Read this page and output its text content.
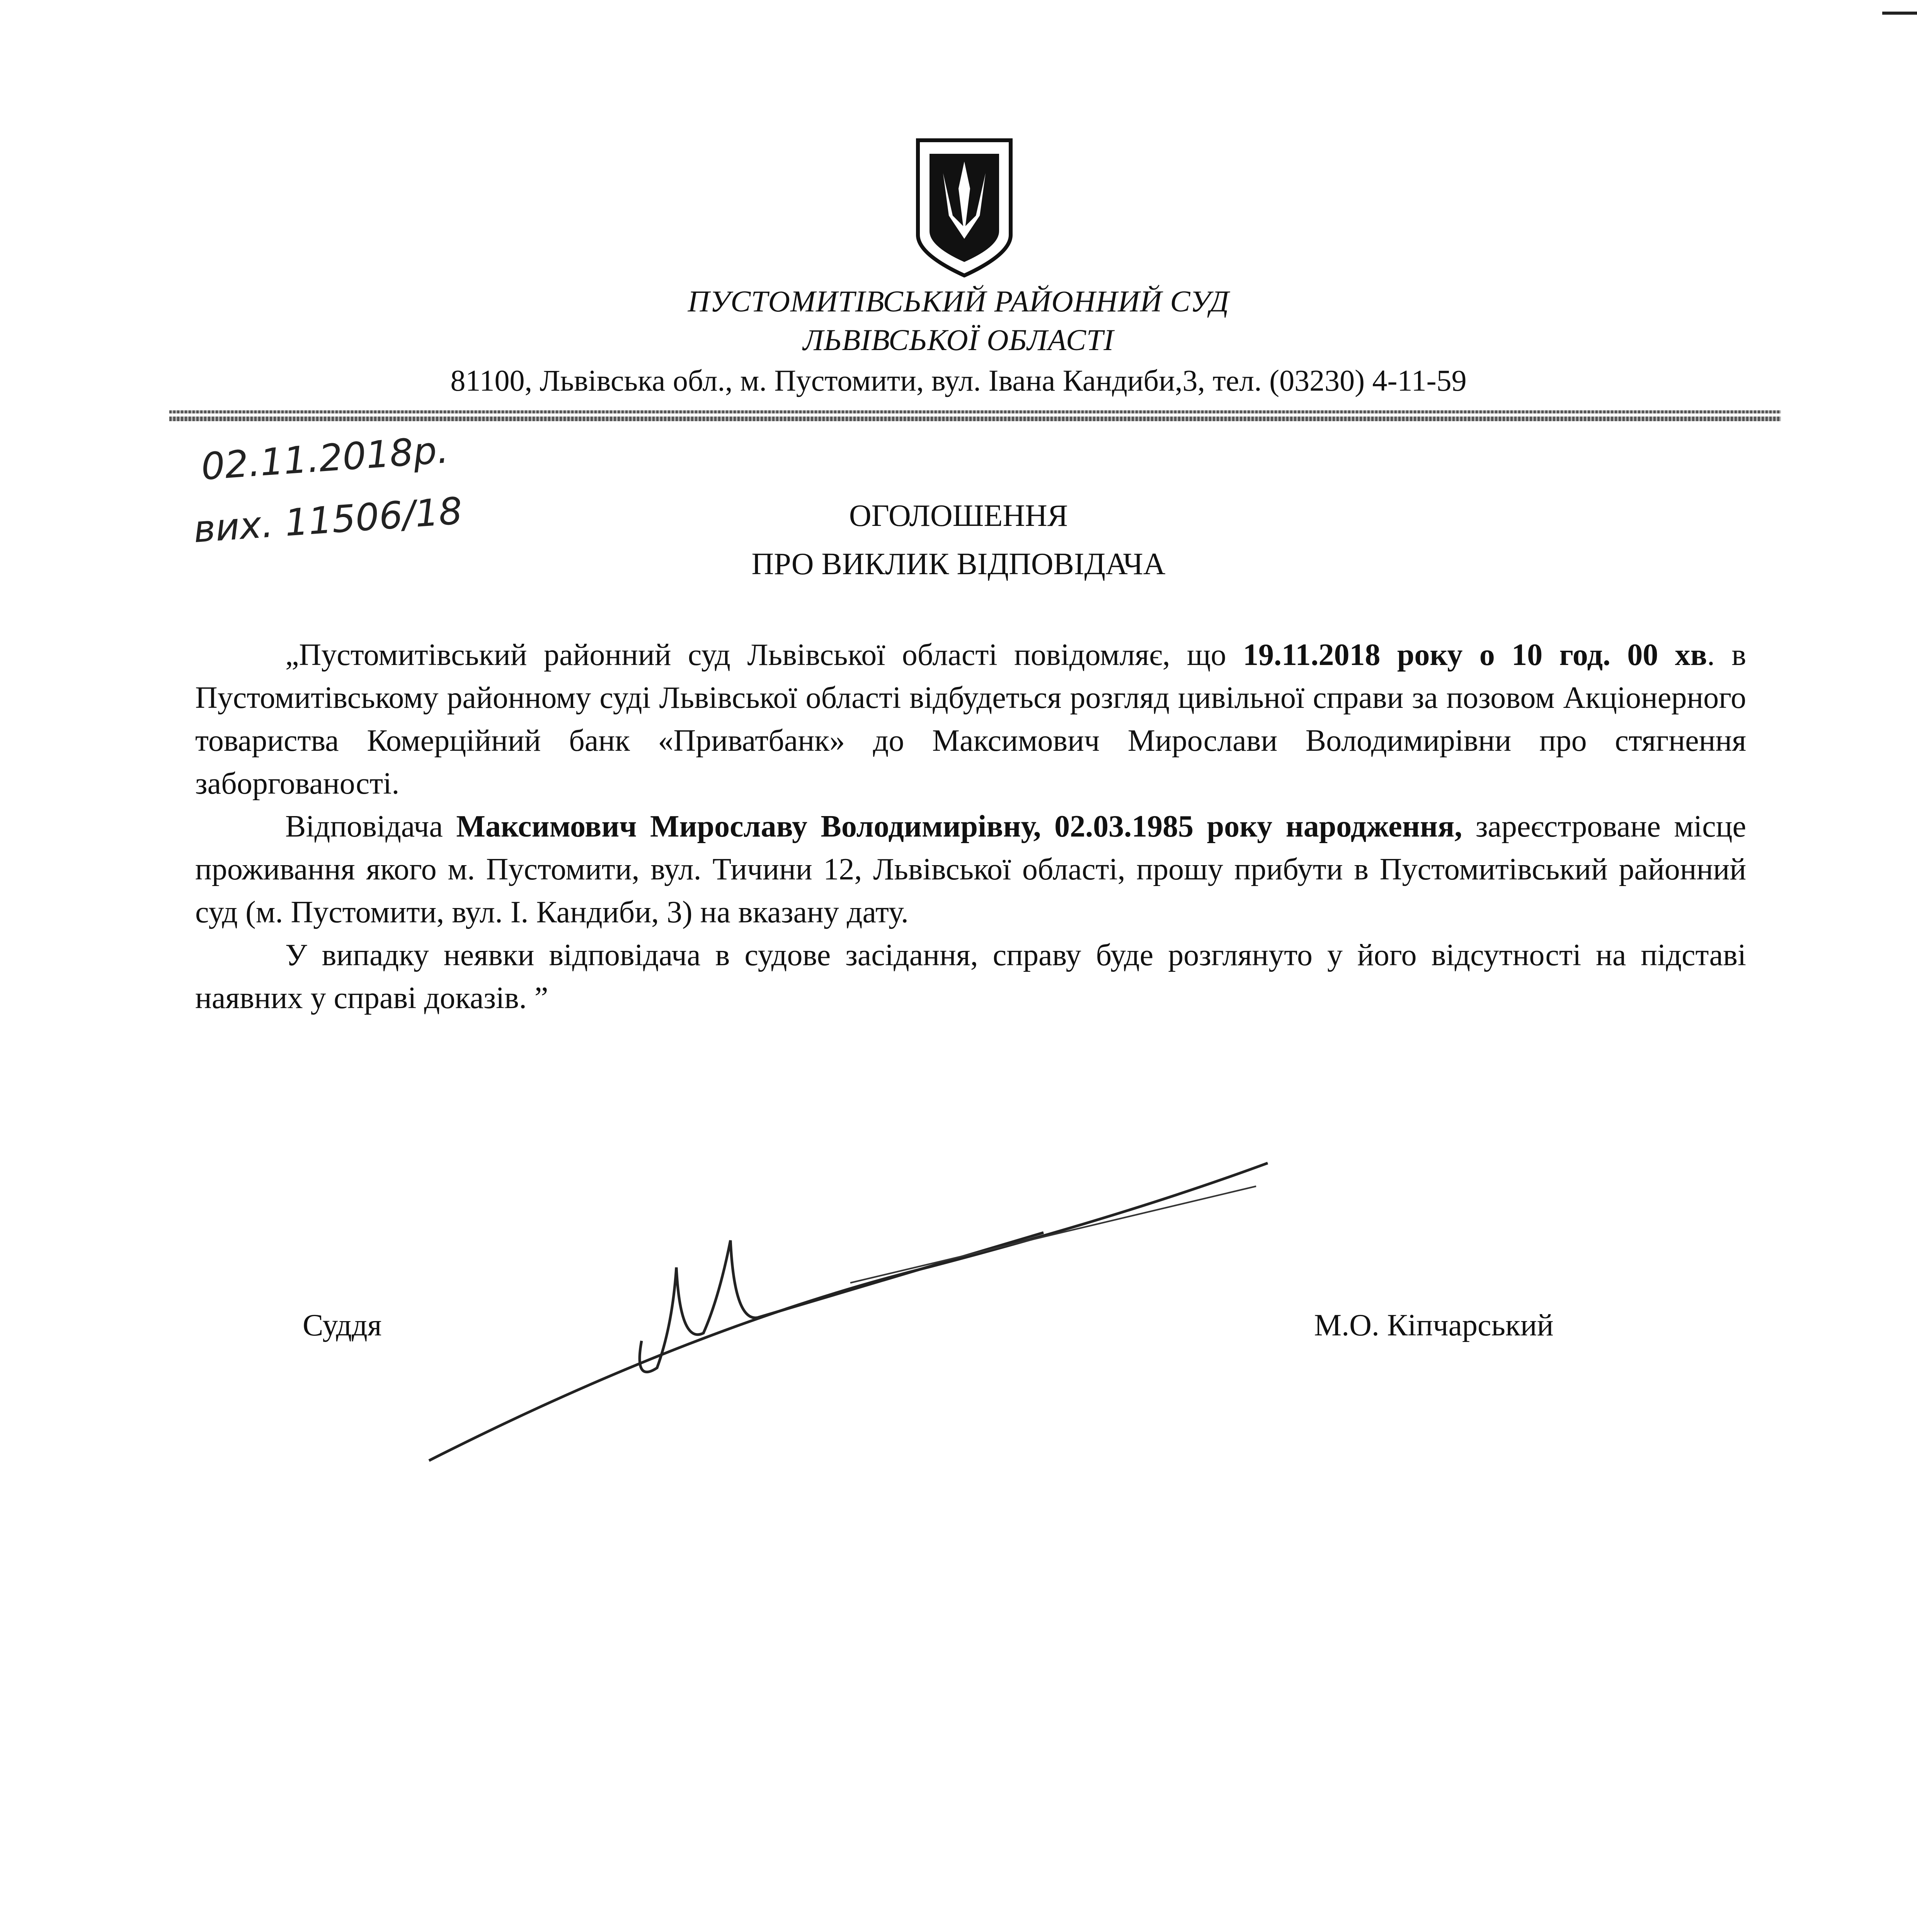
ПУСТОМИТІВСЬКИЙ РАЙОННИЙ СУД
ЛЬВІВСЬКОЇ ОБЛАСТІ
81100, Львівська обл., м. Пустомити, вул. Івана Кандиби,3, тел. (03230) 4-11-59
02.11.2018р.
вих. 11506/18	ОГОЛОШЕННЯ
ПРО ВИКЛИК ВІДПОВІДАЧА

„Пустомитівський районний суд Львівської області повідомляє, що 19.11.2018 року о 10 год. 00 хв. в Пустомитівському районному суді Львівської області відбудеться розгляд цивільної справи за позовом Акціонерного товариства Комерційний банк «Приватбанк» до Максимович Мирослави Володимирівни про стягнення заборгованості.

Відповідача Максимович Мирославу Володимирівну, 02.03.1985 року народження, зареєстроване місце проживання якого м. Пустомити, вул. Тичини 12, Львівської області, прошу прибути в Пустомитівський районний суд (м. Пустомити, вул. І. Кандиби, 3) на вказану дату.

У випадку неявки відповідача в судове засідання, справу буде розглянуто у його відсутності на підставі наявних у справі доказів. ”

Суддя	М.О. Кіпчарський
